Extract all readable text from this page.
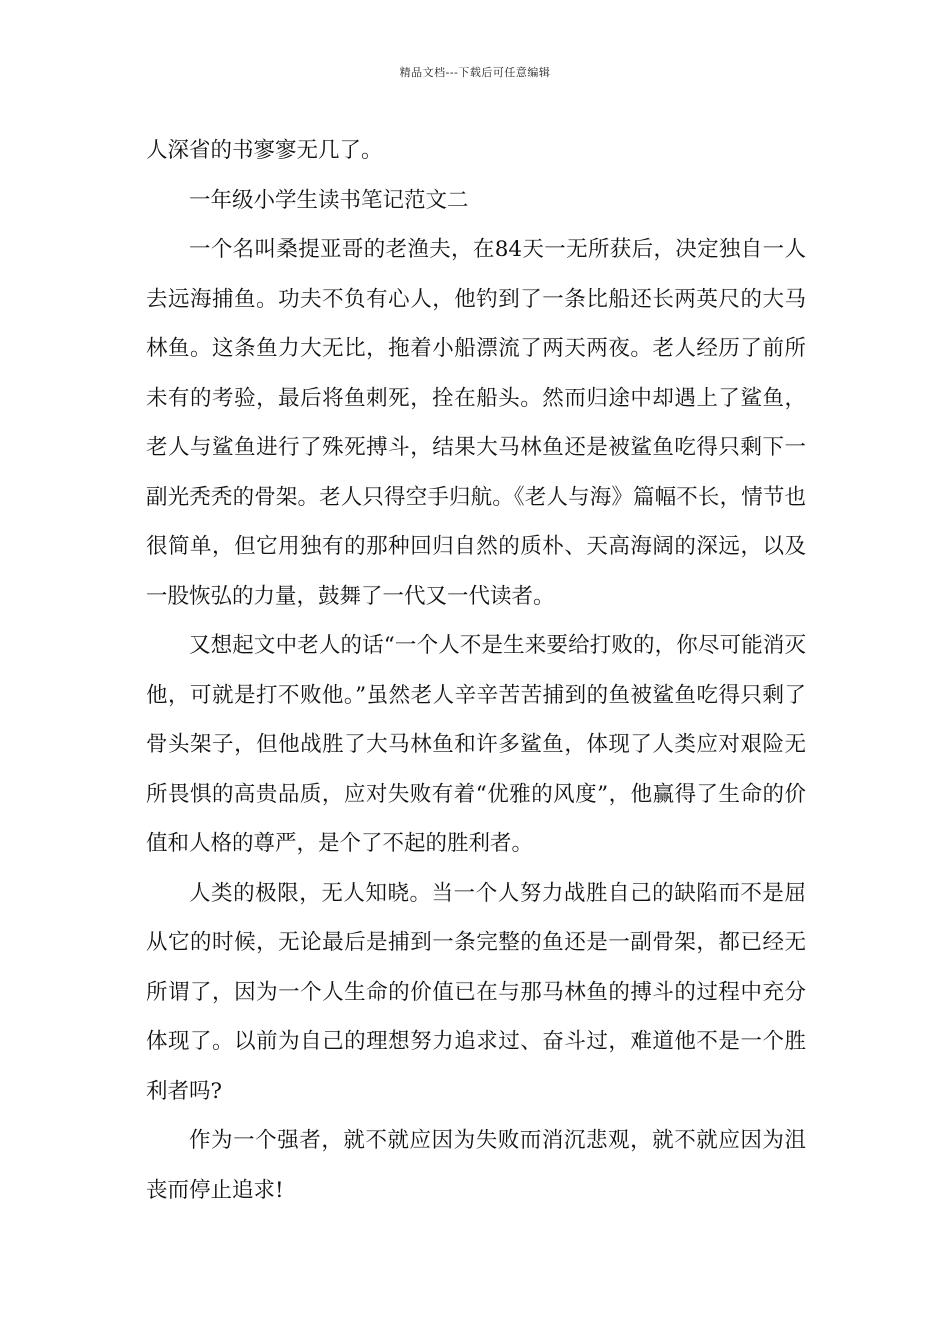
精品文档---下载后可任意编辑

人深省的书寥寥无几了。

一年级小学生读书笔记范文二

一个名叫桑提亚哥的老渔夫，在84天一无所获后，决定独自一人去远海捕鱼。功夫不负有心人，他钓到了一条比船还长两英尺的大马林鱼。这条鱼力大无比，拖着小船漂流了两天两夜。老人经历了前所未有的考验，最后将鱼刺死，拴在船头。然而归途中却遇上了鲨鱼，老人与鲨鱼进行了殊死搏斗，结果大马林鱼还是被鲨鱼吃得只剩下一副光秃秃的骨架。老人只得空手归航。《老人与海》篇幅不长，情节也很简单，但它用独有的那种回归自然的质朴、天高海阔的深远，以及一股恢弘的力量，鼓舞了一代又一代读者。

又想起文中老人的话“一个人不是生来要给打败的，你尽可能消灭他，可就是打不败他。”虽然老人辛辛苦苦捕到的鱼被鲨鱼吃得只剩了骨头架子，但他战胜了大马林鱼和许多鲨鱼，体现了人类应对艰险无所畏惧的高贵品质，应对失败有着“优雅的风度”，他赢得了生命的价值和人格的尊严，是个了不起的胜利者。

人类的极限，无人知晓。当一个人努力战胜自己的缺陷而不是屈从它的时候，无论最后是捕到一条完整的鱼还是一副骨架，都已经无所谓了，因为一个人生命的价值已在与那马林鱼的搏斗的过程中充分体现了。以前为自己的理想努力追求过、奋斗过，难道他不是一个胜利者吗?

作为一个强者，就不就应因为失败而消沉悲观，就不就应因为沮丧而停止追求!
